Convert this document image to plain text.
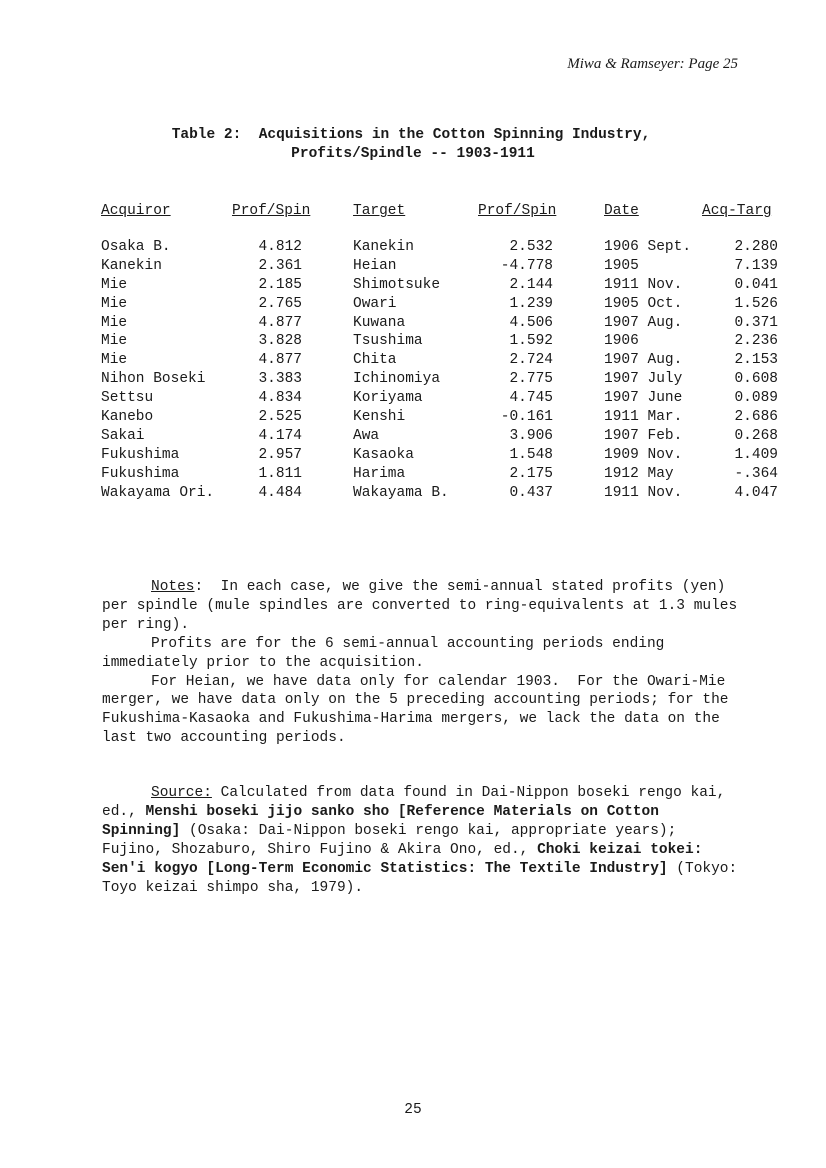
Miwa & Ramseyer: Page 25
Table 2:  Acquisitions in the Cotton Spinning Industry,
Profits/Spindle -- 1903-1911
Acquiror	Prof/Spin	Target	Prof/Spin	Date	Acq-Targ
Osaka B.	4.812	Kanekin	2.532	1906 Sept.	2.280
Kanekin	2.361	Heian	-4.778	1905	7.139
Mie	2.185	Shimotsuke	2.144	1911 Nov.	0.041
Mie	2.765	Owari	1.239	1905 Oct.	1.526
Mie	4.877	Kuwana	4.506	1907 Aug.	0.371
Mie	3.828	Tsushima	1.592	1906	2.236
Mie	4.877	Chita	2.724	1907 Aug.	2.153
Nihon Boseki	3.383	Ichinomiya	2.775	1907 July	0.608
Settsu	4.834	Koriyama	4.745	1907 June	0.089
Kanebo	2.525	Kenshi	-0.161	1911 Mar.	2.686
Sakai	4.174	Awa	3.906	1907 Feb.	0.268
Fukushima	2.957	Kasaoka	1.548	1909 Nov.	1.409
Fukushima	1.811	Harima	2.175	1912 May	-.364
Wakayama Ori.	4.484	Wakayama B.	0.437	1911 Nov.	4.047

Notes:  In each case, we give the semi-annual stated profits (yen) per spindle (mule spindles are converted to ring-equivalents at 1.3 mules per ring).

Profits are for the 6 semi-annual accounting periods ending immediately prior to the acquisition.

For Heian, we have data only for calendar 1903.  For the Owari-Mie merger, we have data only on the 5 preceding accounting periods; for the Fukushima-Kasaoka and Fukushima-Harima mergers, we lack the data on the last two accounting periods.

Source: Calculated from data found in Dai-Nippon boseki rengo kai, ed., Menshi boseki jijo sanko sho [Reference Materials on Cotton Spinning] (Osaka: Dai-Nippon boseki rengo kai, appropriate years); Fujino, Shozaburo, Shiro Fujino & Akira Ono, ed., Choki keizai tokei: Sen'i kogyo [Long-Term Economic Statistics: The Textile Industry] (Tokyo: Toyo keizai shimpo sha, 1979).

25
